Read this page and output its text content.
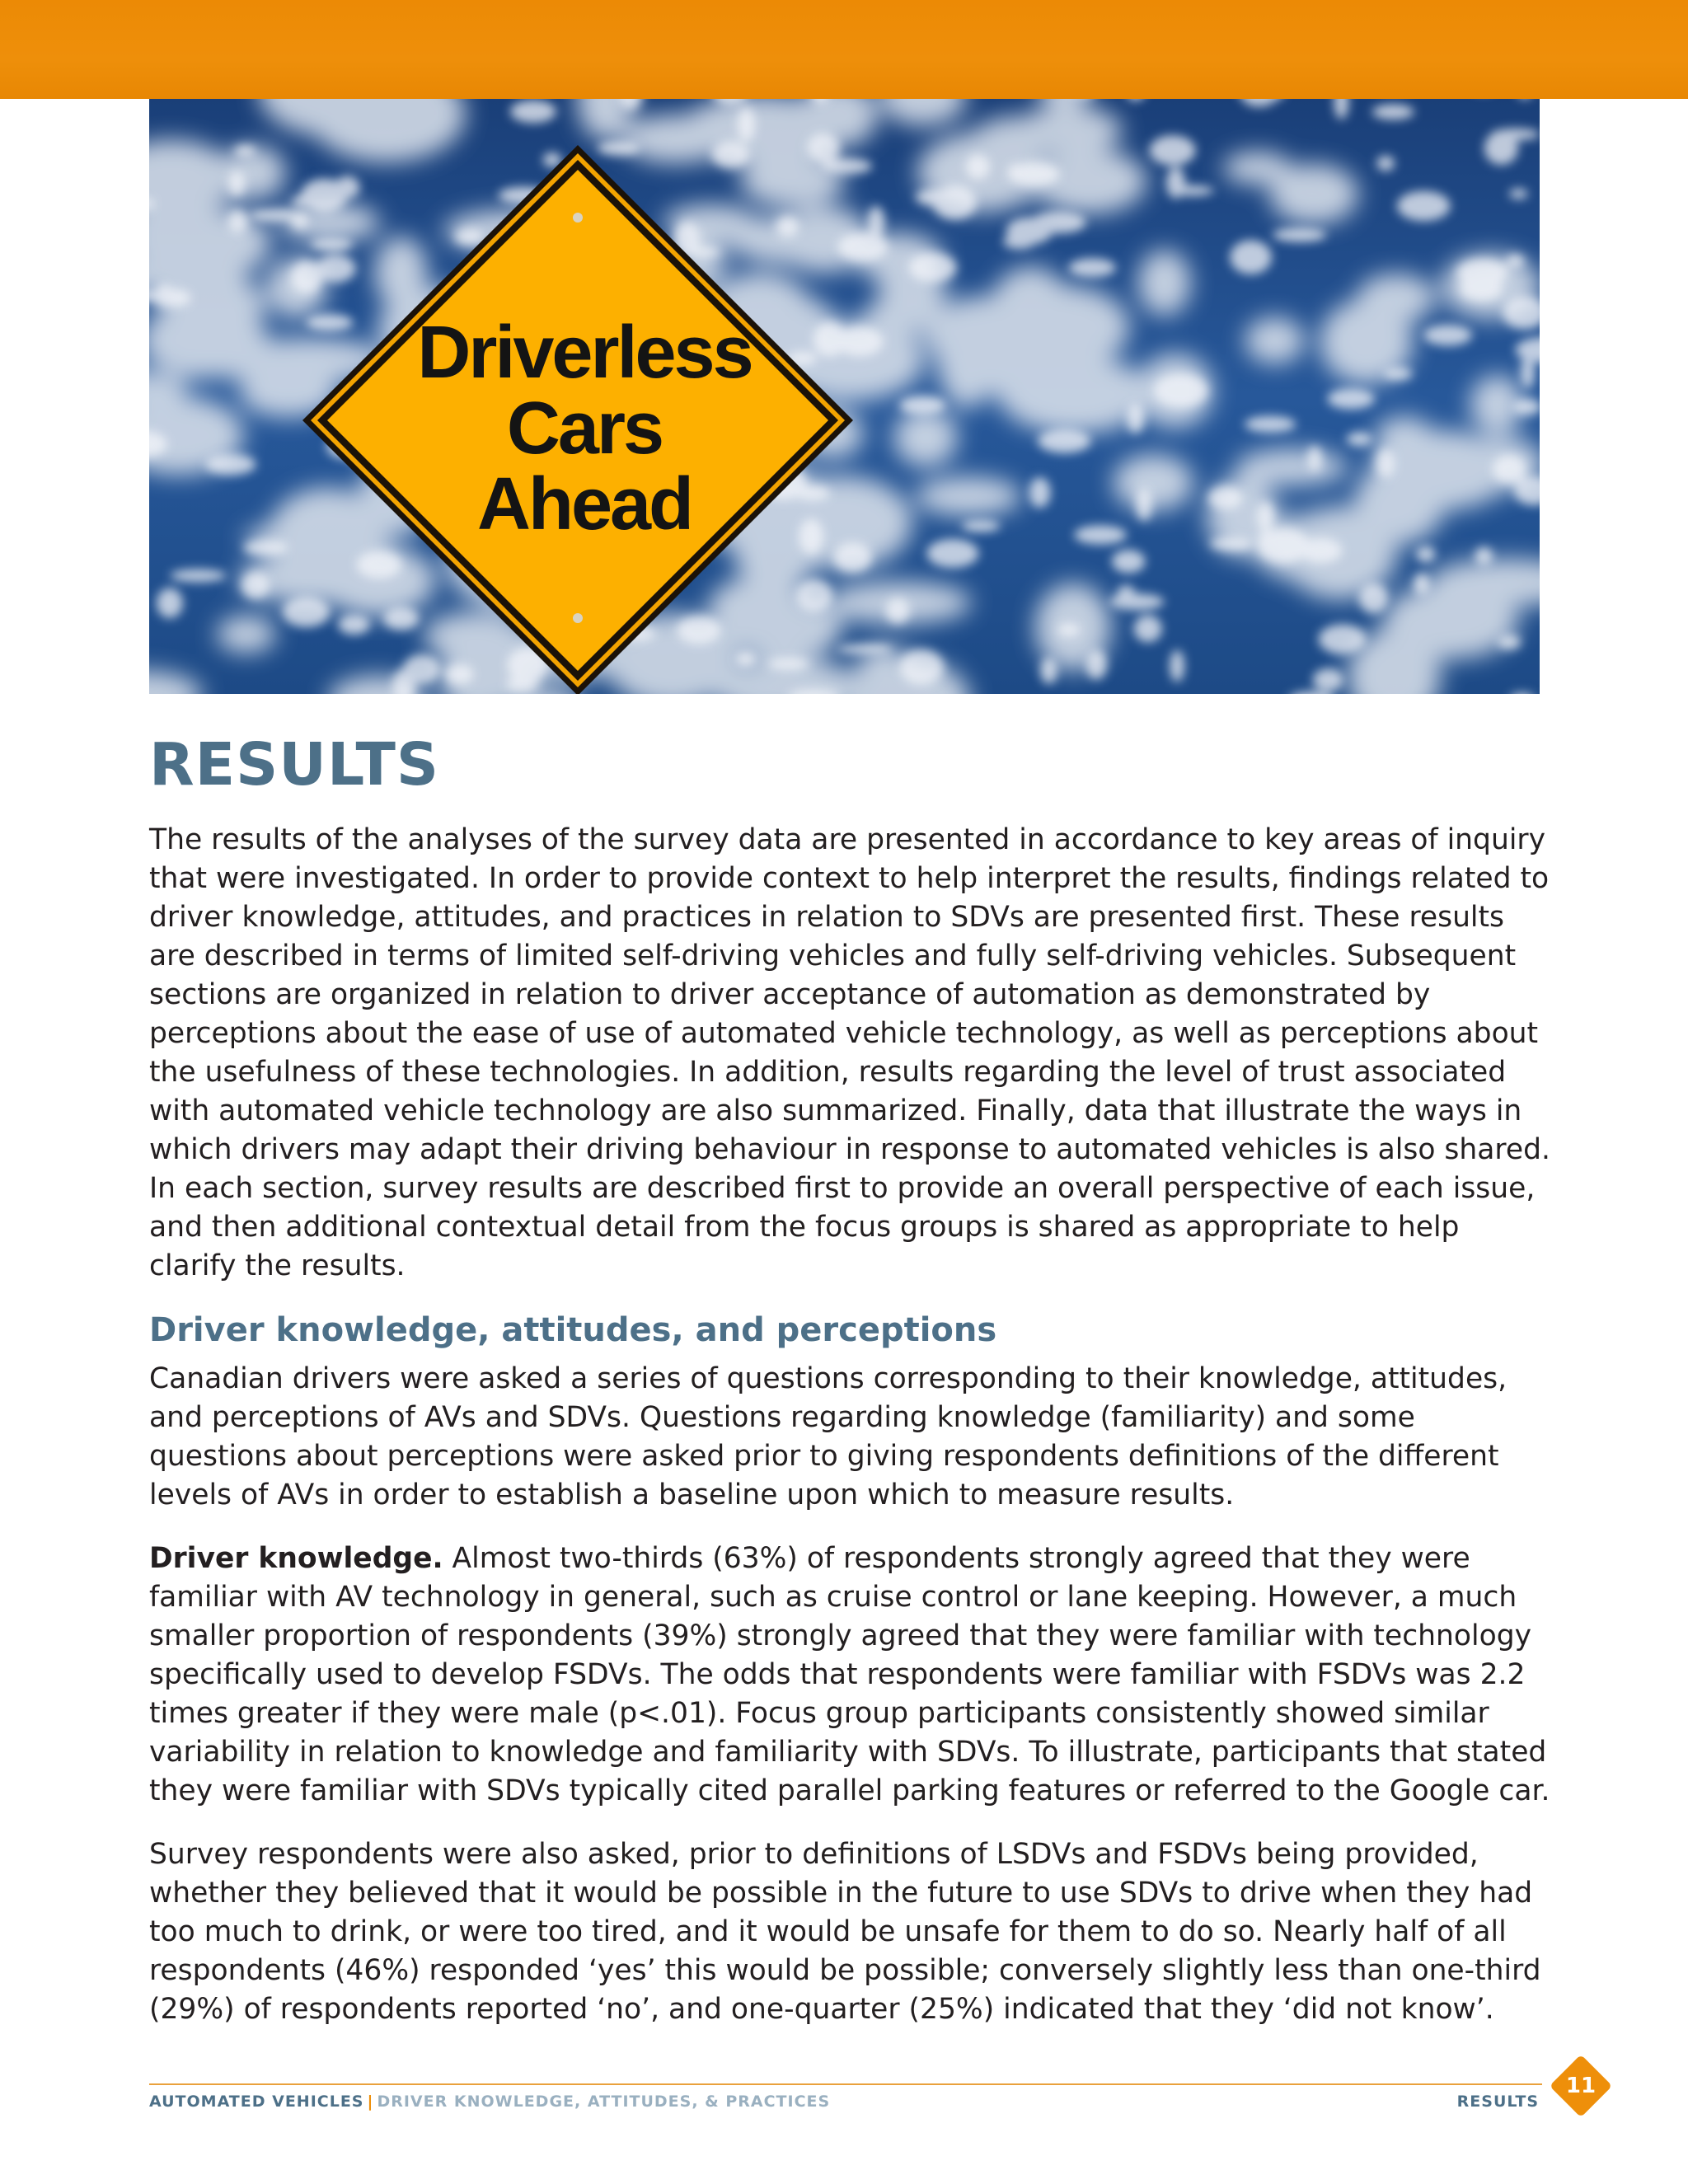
Driverless
Cars
Ahead
RESULTS

The results of the analyses of the survey data are presented in accordance to key areas of inquiry that were investigated. In order to provide context to help interpret the results, findings related to driver knowledge, attitudes, and practices in relation to SDVs are presented first. These results are described in terms of limited self-driving vehicles and fully self-driving vehicles. Subsequent sections are organized in relation to driver acceptance of automation as demonstrated by perceptions about the ease of use of automated vehicle technology, as well as perceptions about the usefulness of these technologies. In addition, results regarding the level of trust associated with automated vehicle technology are also summarized. Finally, data that illustrate the ways in which drivers may adapt their driving behaviour in response to automated vehicles is also shared. In each section, survey results are described first to provide an overall perspective of each issue, and then additional contextual detail from the focus groups is shared as appropriate to help clarify the results.

Driver knowledge, attitudes, and perceptions

Canadian drivers were asked a series of questions corresponding to their knowledge, attitudes, and perceptions of AVs and SDVs. Questions regarding knowledge (familiarity) and some questions about perceptions were asked prior to giving respondents definitions of the different levels of AVs in order to establish a baseline upon which to measure results.

Driver knowledge. Almost two-thirds (63%) of respondents strongly agreed that they were familiar with AV technology in general, such as cruise control or lane keeping. However, a much smaller proportion of respondents (39%) strongly agreed that they were familiar with technology specifically used to develop FSDVs. The odds that respondents were familiar with FSDVs was 2.2 times greater if they were male (p<.01). Focus group participants consistently showed similar variability in relation to knowledge and familiarity with SDVs. To illustrate, participants that stated they were familiar with SDVs typically cited parallel parking features or referred to the Google car.

Survey respondents were also asked, prior to definitions of LSDVs and FSDVs being provided, whether they believed that it would be possible in the future to use SDVs to drive when they had too much to drink, or were too tired, and it would be unsafe for them to do so. Nearly half of all respondents (46%) responded ‘yes’ this would be possible; conversely slightly less than one-third (29%) of respondents reported ‘no’, and one-quarter (25%) indicated that they ‘did not know’.

AUTOMATED VEHICLES | DRIVER KNOWLEDGE, ATTITUDES, & PRACTICES	RESULTS
11
